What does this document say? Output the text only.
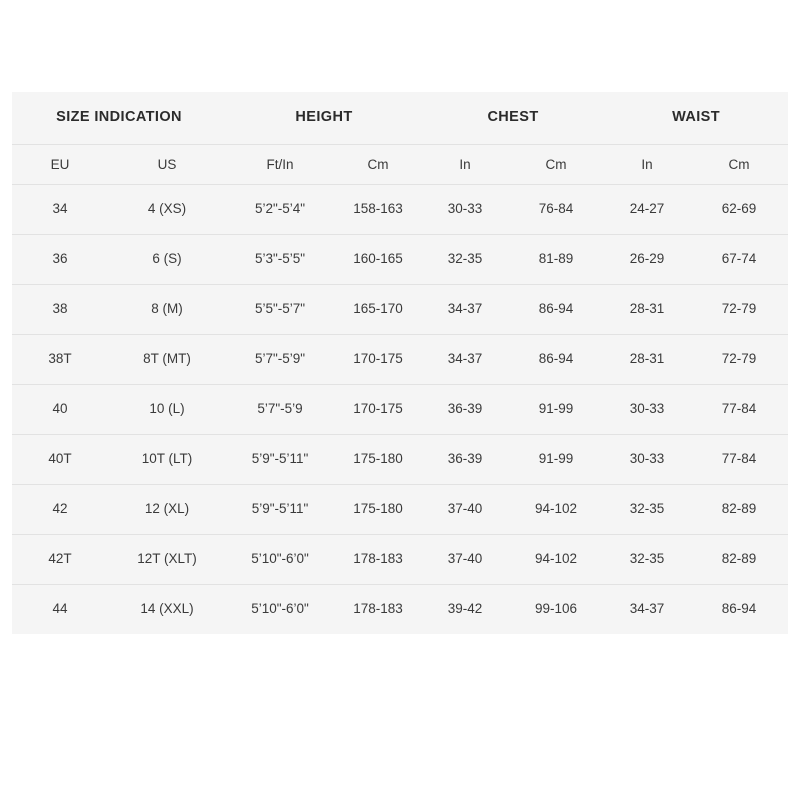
SIZE INDICATION		HEIGHT		CHEST		WAIST	
EU	US	Ft/In	Cm	In	Cm	In	Cm
34	4 (XS)	5’2"-5’4"	158-163	30-33	76-84	24-27	62-69
36	6 (S)	5’3"-5’5"	160-165	32-35	81-89	26-29	67-74
38	8 (M)	5’5"-5’7"	165-170	34-37	86-94	28-31	72-79
38T	8T (MT)	5’7"-5’9"	170-175	34-37	86-94	28-31	72-79
40	10 (L)	5’7"-5’9	170-175	36-39	91-99	30-33	77-84
40T	10T (LT)	5’9"-5’11"	175-180	36-39	91-99	30-33	77-84
42	12 (XL)	5’9"-5’11"	175-180	37-40	94-102	32-35	82-89
42T	12T (XLT)	5’10"-6’0"	178-183	37-40	94-102	32-35	82-89
44	14 (XXL)	5’10"-6’0"	178-183	39-42	99-106	34-37	86-94
